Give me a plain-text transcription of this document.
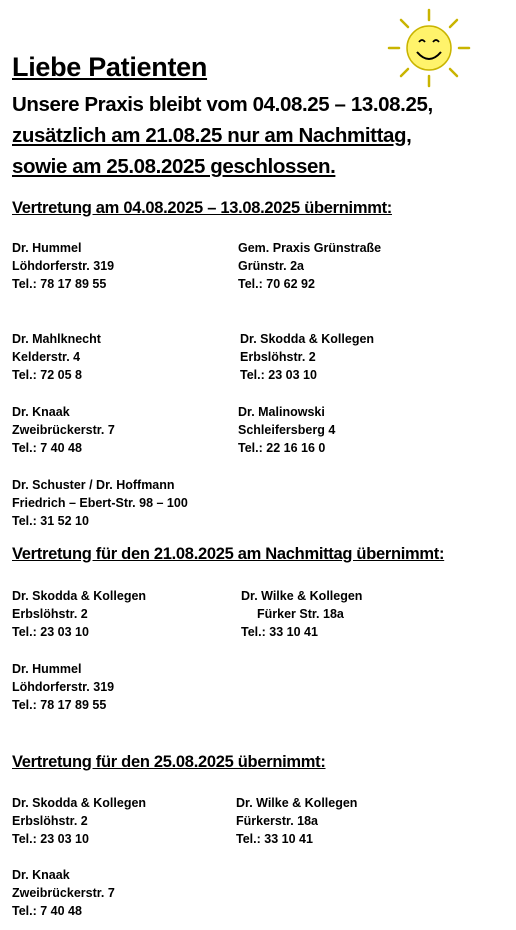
Liebe Patienten
Unsere Praxis bleibt vom 04.08.25 – 13.08.25,
zusätzlich am 21.08.25 nur am Nachmittag,
sowie am 25.08.2025 geschlossen.
Vertretung am 04.08.2025 – 13.08.2025 übernimmt:
Dr. Hummel
Löhdorferstr. 319
Tel.: 78 17 89 55
Gem. Praxis Grünstraße
Grünstr. 2a
Tel.: 70 62 92
Dr. Mahlknecht
Kelderstr. 4
Tel.: 72 05 8
Dr. Skodda & Kollegen
Erbslöhstr. 2
Tel.: 23 03 10
Dr. Knaak
Zweibrückerstr. 7
Tel.: 7 40 48
Dr. Malinowski
Schleifersberg 4
Tel.: 22 16 16 0
Dr. Schuster / Dr. Hoffmann
Friedrich – Ebert-Str. 98 – 100
Tel.: 31 52 10
Vertretung für den 21.08.2025 am Nachmittag übernimmt:
Dr. Skodda & Kollegen
Erbslöhstr. 2
Tel.: 23 03 10
Dr. Wilke & Kollegen
Fürker Str. 18a
Tel.: 33 10 41
Dr. Hummel
Löhdorferstr. 319
Tel.: 78 17 89 55
Vertretung für den 25.08.2025 übernimmt:
Dr. Skodda & Kollegen
Erbslöhstr. 2
Tel.: 23 03 10
Dr. Wilke & Kollegen
Fürkerstr. 18a
Tel.: 33 10 41
Dr. Knaak
Zweibrückerstr. 7
Tel.: 7 40 48
